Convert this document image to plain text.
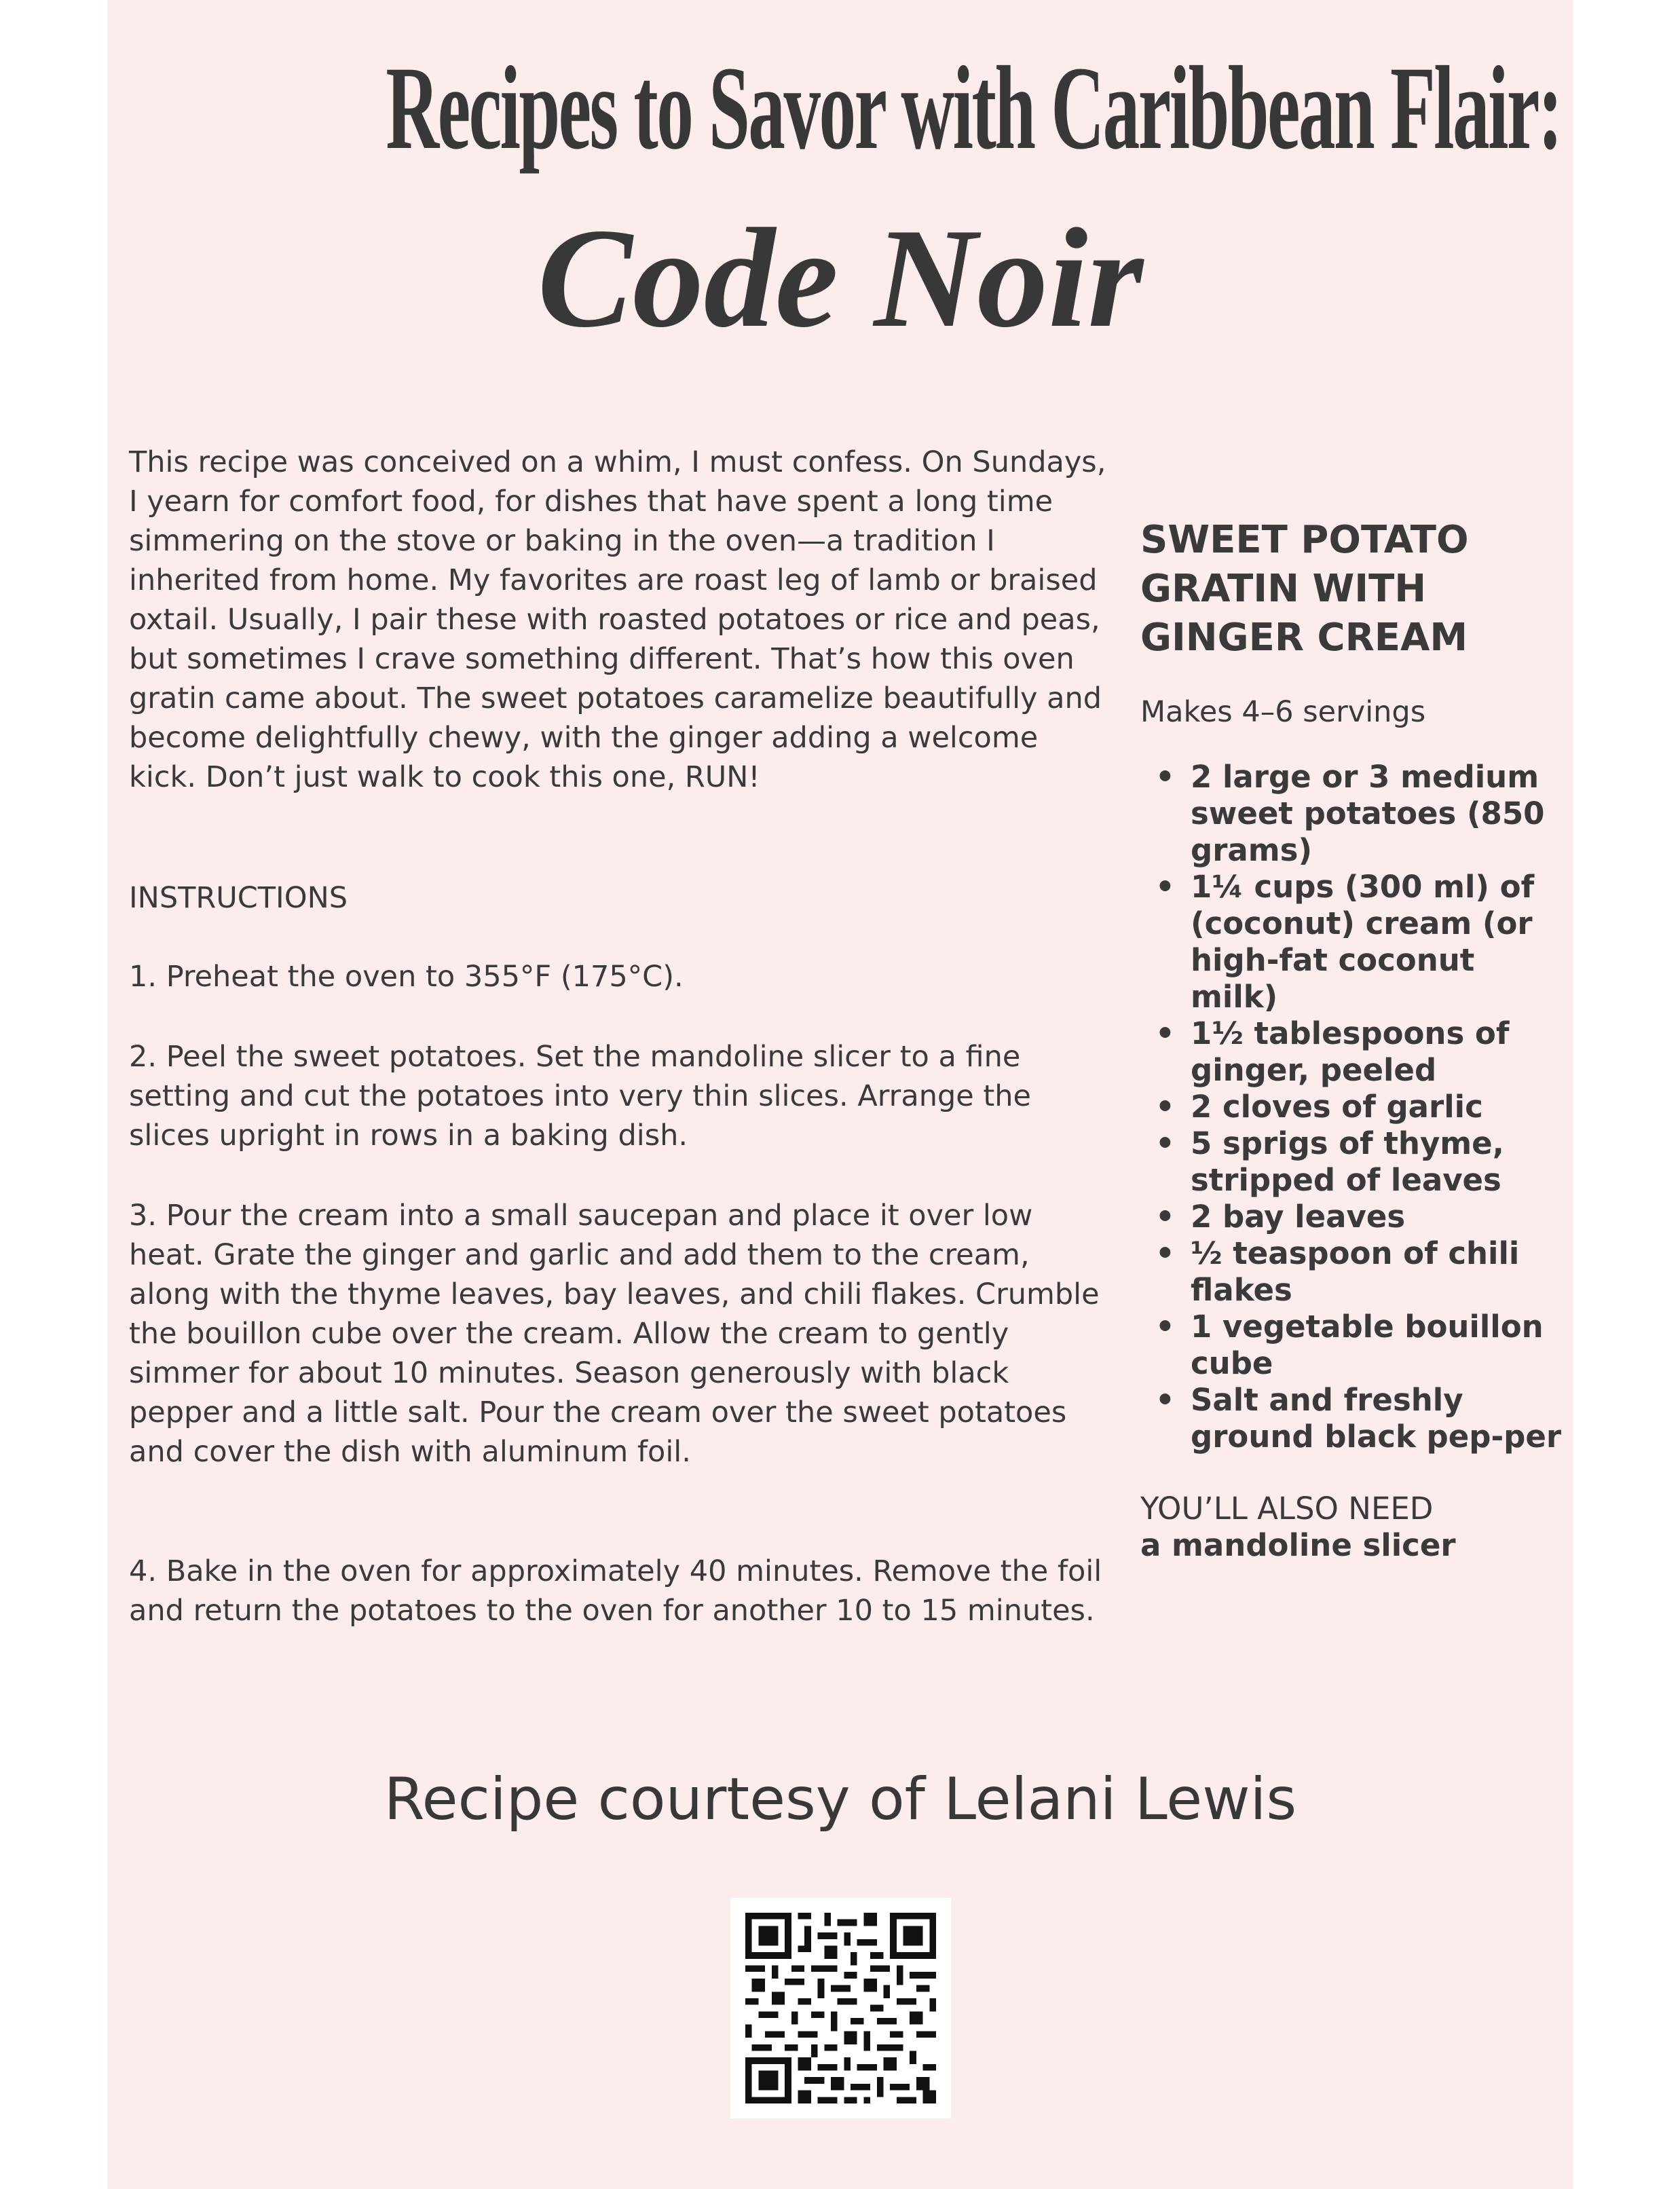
Recipes to Savor with Caribbean Flair:
Code Noir

This recipe was conceived on a whim, I must confess. On Sundays, I yearn for comfort food, for dishes that have spent a long time simmering on the stove or baking in the oven—a tradition I inherited from home. My favorites are roast leg of lamb or braised oxtail. Usually, I pair these with roasted potatoes or rice and peas, but sometimes I crave something different. That’s how this oven gratin came about. The sweet potatoes caramelize beautifully and become delightfully chewy, with the ginger adding a welcome kick. Don’t just walk to cook this one, RUN!

INSTRUCTIONS

1. Preheat the oven to 355°F (175°C).

2. Peel the sweet potatoes. Set the mandoline slicer to a fine setting and cut the potatoes into very thin slices. Arrange the slices upright in rows in a baking dish.

3. Pour the cream into a small saucepan and place it over low heat. Grate the ginger and garlic and add them to the cream, along with the thyme leaves, bay leaves, and chili flakes. Crumble the bouillon cube over the cream. Allow the cream to gently simmer for about 10 minutes. Season generously with black pepper and a little salt. Pour the cream over the sweet potatoes and cover the dish with aluminum foil.

4. Bake in the oven for approximately 40 minutes. Remove the foil and return the potatoes to the oven for another 10 to 15 minutes.

SWEET POTATO GRATIN WITH GINGER CREAM

Makes 4–6 servings

• 2 large or 3 medium sweet potatoes (850 grams)
• 1¼ cups (300 ml) of (coconut) cream (or high-fat coconut milk)
• 1½ tablespoons of ginger, peeled
• 2 cloves of garlic
• 5 sprigs of thyme, stripped of leaves
• 2 bay leaves
• ½ teaspoon of chili flakes
• 1 vegetable bouillon cube
• Salt and freshly ground black pep-per

YOU’LL ALSO NEED
a mandoline slicer

Recipe courtesy of Lelani Lewis
